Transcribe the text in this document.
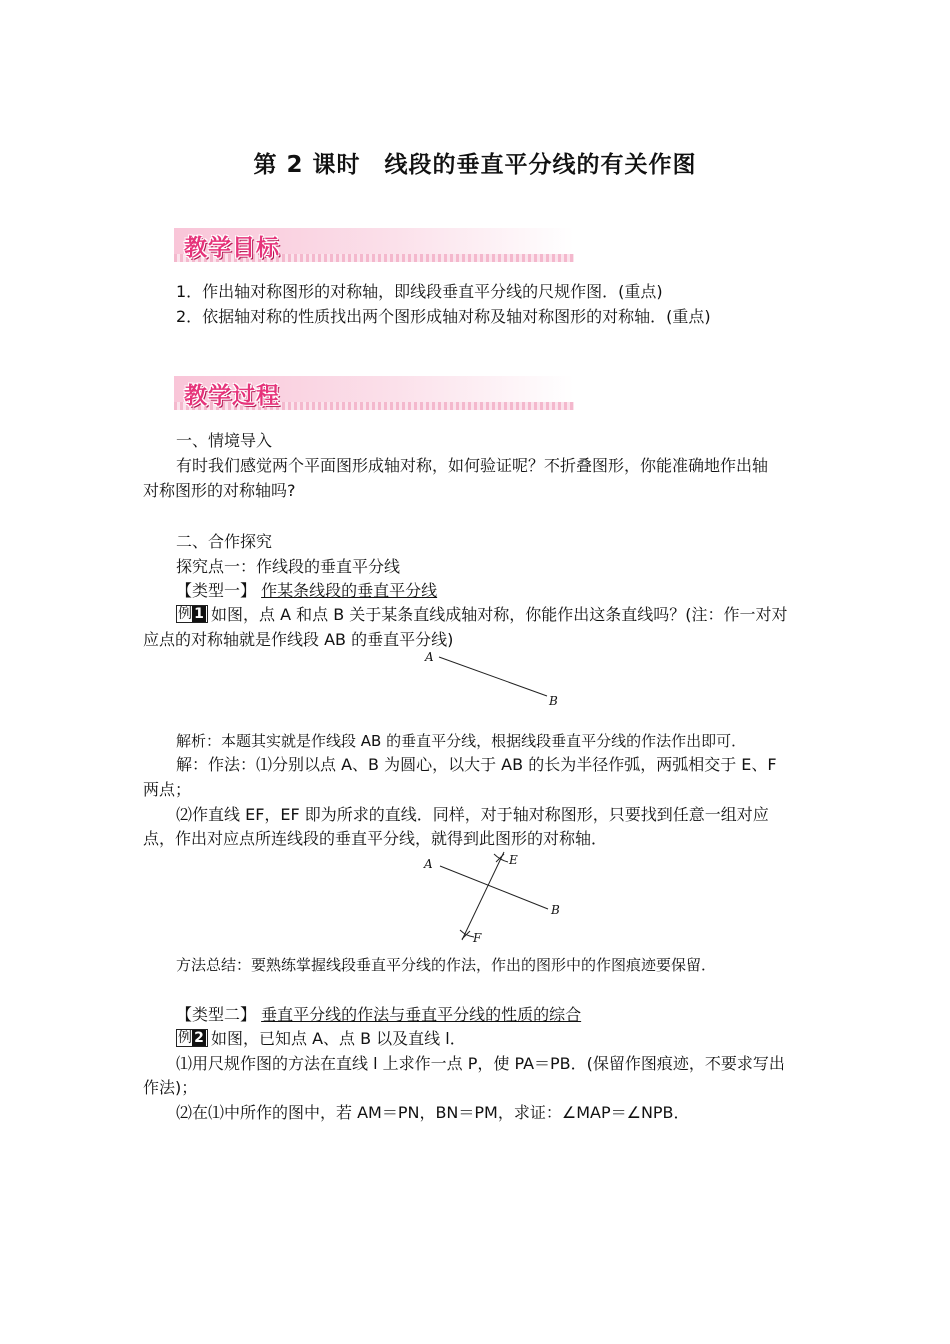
第 2 课时　线段的垂直平分线的有关作图
教学目标
1．作出轴对称图形的对称轴，即线段垂直平分线的尺规作图．(重点)
2．依据轴对称的性质找出两个图形成轴对称及轴对称图形的对称轴．(重点)
教学过程
一、情境导入
有时我们感觉两个平面图形成轴对称，如何验证呢？不折叠图形，你能准确地作出轴
对称图形的对称轴吗?
二、合作探究
探究点一：作线段的垂直平分线
【类型一】 作某条线段的垂直平分线
例 1 如图，点 A 和点 B 关于某条直线成轴对称，你能作出这条直线吗？(注：作一对对
应点的对称轴就是作线段 AB 的垂直平分线)
A
B
解析：本题其实就是作线段 AB 的垂直平分线，根据线段垂直平分线的作法作出即可．
解：作法：⑴分别以点 A、B 为圆心，以大于 AB 的长为半径作弧，两弧相交于 E、F
两点；
⑵作直线 EF，EF 即为所求的直线．同样，对于轴对称图形，只要找到任意一组对应
点，作出对应点所连线段的垂直平分线，就得到此图形的对称轴．
A
B
E
F
方法总结：要熟练掌握线段垂直平分线的作法，作出的图形中的作图痕迹要保留．
【类型二】 垂直平分线的作法与垂直平分线的性质的综合
例 2 如图，已知点 A、点 B 以及直线 l．
⑴用尺规作图的方法在直线 l 上求作一点 P，使 PA＝PB．(保留作图痕迹，不要求写出
作法)；
⑵在⑴中所作的图中，若 AM＝PN，BN＝PM，求证：∠MAP＝∠NPB．
